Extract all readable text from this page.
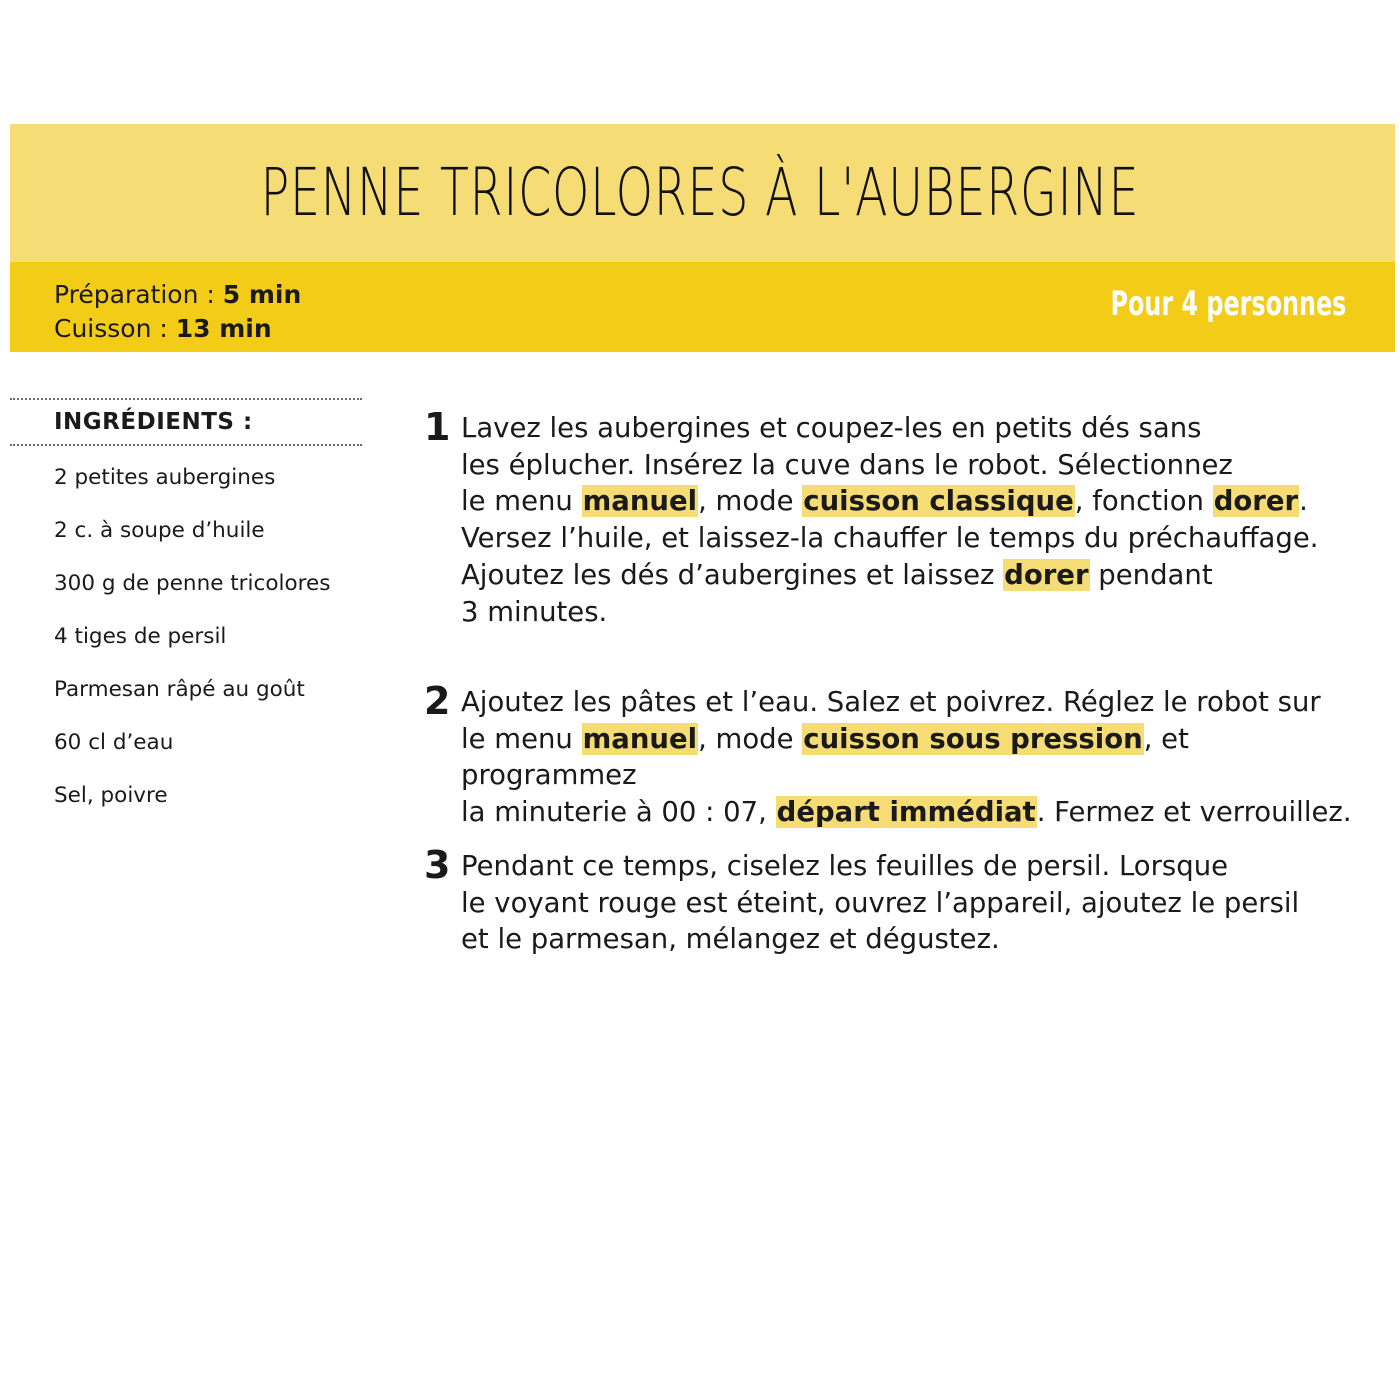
PENNE TRICOLORES À L'AUBERGINE
Préparation : 5 min
Cuisson : 13 min
Pour 4 personnes
INGRÉDIENTS :
2 petites aubergines
2 c. à soupe d’huile
300 g de penne tricolores
4 tiges de persil
Parmesan râpé au goût
60 cl d’eau
Sel, poivre
1 Lavez les aubergines et coupez-les en petits dés sans
les éplucher. Insérez la cuve dans le robot. Sélectionnez
le menu manuel, mode cuisson classique, fonction dorer.
Versez l’huile, et laissez-la chauffer le temps du préchauffage.
Ajoutez les dés d’aubergines et laissez dorer pendant
3 minutes.
2 Ajoutez les pâtes et l’eau. Salez et poivrez. Réglez le robot sur
le menu manuel, mode cuisson sous pression, et programmez
la minuterie à 00 : 07, départ immédiat. Fermez et verrouillez.
3 Pendant ce temps, ciselez les feuilles de persil. Lorsque
le voyant rouge est éteint, ouvrez l’appareil, ajoutez le persil
et le parmesan, mélangez et dégustez.
